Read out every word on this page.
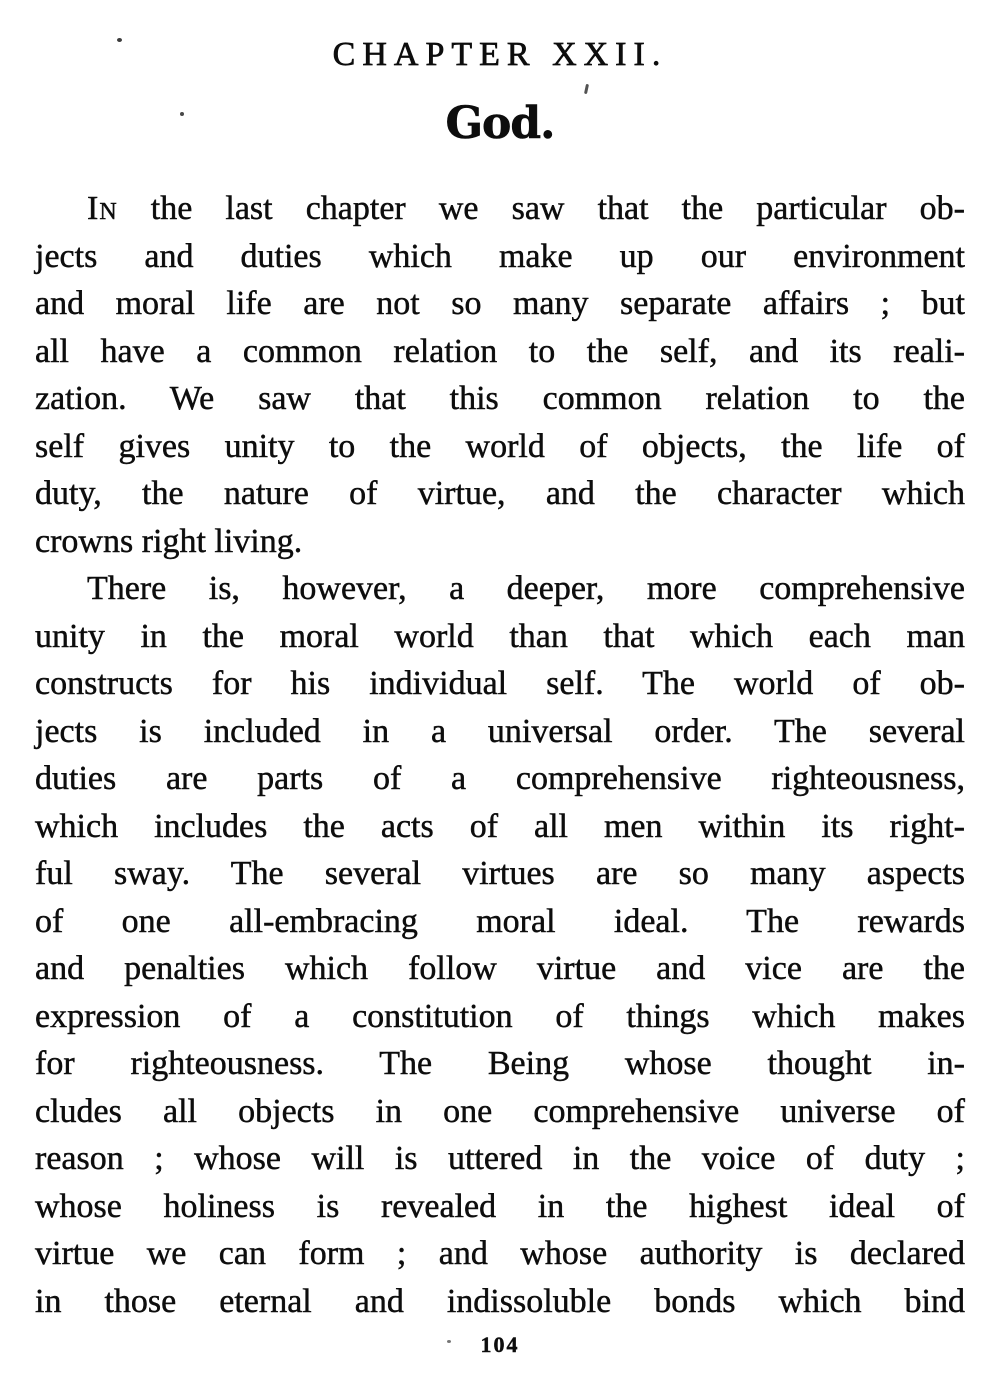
CHAPTER XXII.
God.
In the last chapter we saw that the particular ob-
jects and duties which make up our environment
and moral life are not so many separate affairs ; but
all have a common relation to the self, and its reali-
zation. We saw that this common relation to the
self gives unity to the world of objects, the life of
duty, the nature of virtue, and the character which
crowns right living.
There is, however, a deeper, more comprehensive
unity in the moral world than that which each man
constructs for his individual self. The world of ob-
jects is included in a universal order. The several
duties are parts of a comprehensive righteousness,
which includes the acts of all men within its right-
ful sway. The several virtues are so many aspects
of one all-embracing moral ideal. The rewards
and penalties which follow virtue and vice are the
expression of a constitution of things which makes
for righteousness. The Being whose thought in-
cludes all objects in one comprehensive universe of
reason ; whose will is uttered in the voice of duty ;
whose holiness is revealed in the highest ideal of
virtue we can form ; and whose authority is declared
in those eternal and indissoluble bonds which bind
104
